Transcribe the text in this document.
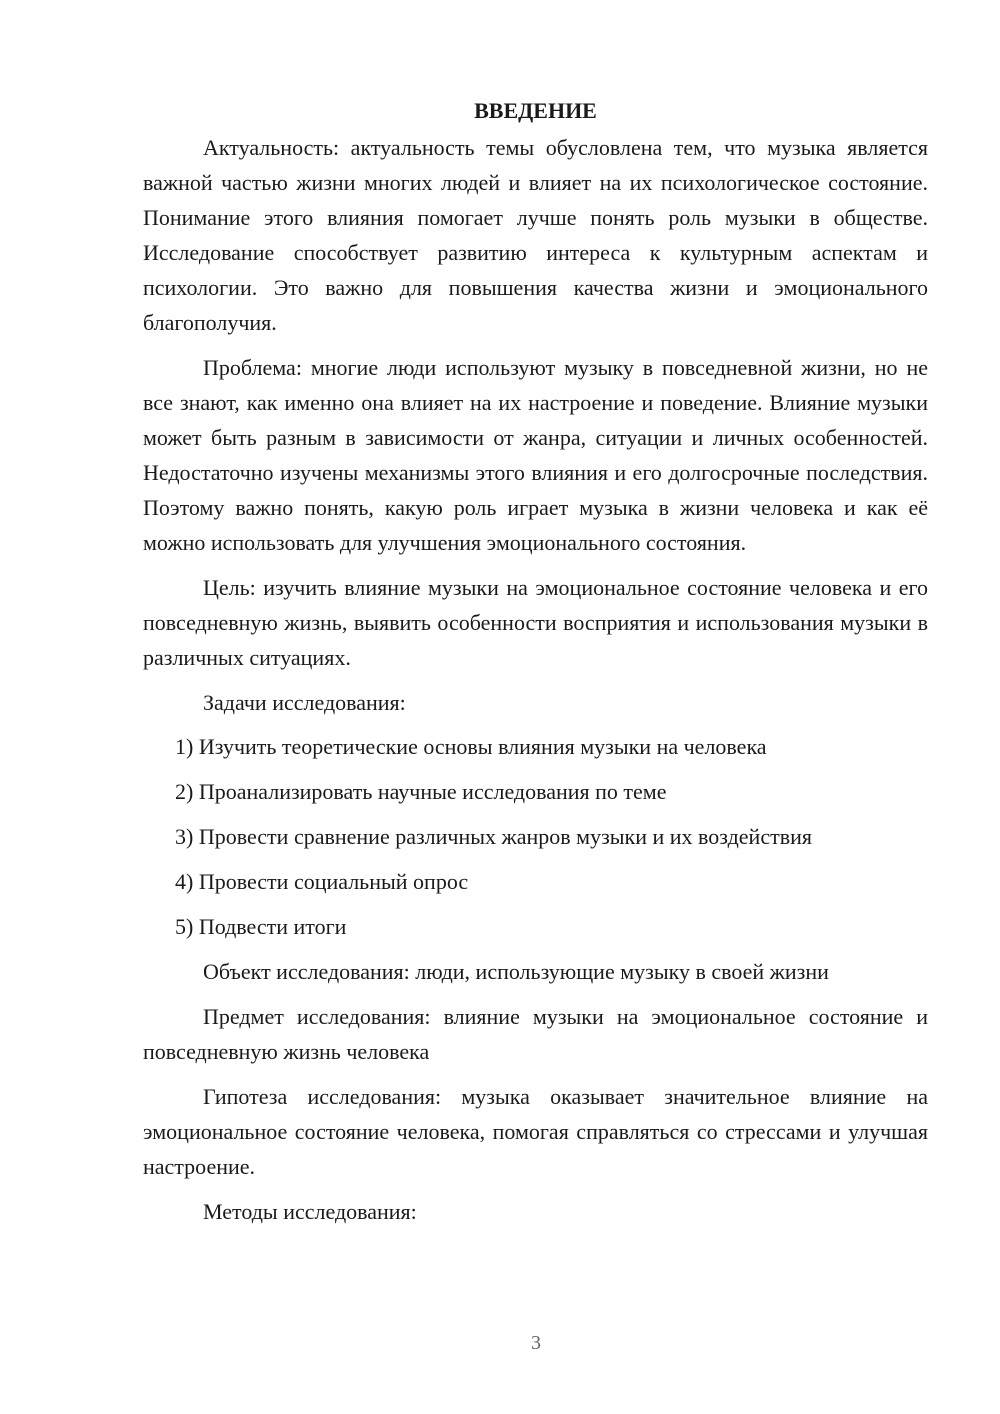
ВВЕДЕНИЕ

Актуальность: актуальность темы обусловлена тем, что музыка является важной частью жизни многих людей и влияет на их психологическое состояние. Понимание этого влияния помогает лучше понять роль музыки в обществе. Исследование способствует развитию интереса к культурным аспектам и психологии. Это важно для повышения качества жизни и эмоционального благополучия.

Проблема: многие люди используют музыку в повседневной жизни, но не все знают, как именно она влияет на их настроение и поведение. Влияние музыки может быть разным в зависимости от жанра, ситуации и личных особенностей. Недостаточно изучены механизмы этого влияния и его долгосрочные последствия. Поэтому важно понять, какую роль играет музыка в жизни человека и как её можно использовать для улучшения эмоционального состояния.

Цель: изучить влияние музыки на эмоциональное состояние человека и его повседневную жизнь, выявить особенности восприятия и использования музыки в различных ситуациях.

Задачи исследования:

1) Изучить теоретические основы влияния музыки на человека
2) Проанализировать научные исследования по теме
3) Провести сравнение различных жанров музыки и их воздействия
4) Провести социальный опрос
5) Подвести итоги

Объект исследования: люди, использующие музыку в своей жизни

Предмет исследования: влияние музыки на эмоциональное состояние и повседневную жизнь человека

Гипотеза исследования: музыка оказывает значительное влияние на эмоциональное состояние человека, помогая справляться со стрессами и улучшая настроение.

Методы исследования:

3
